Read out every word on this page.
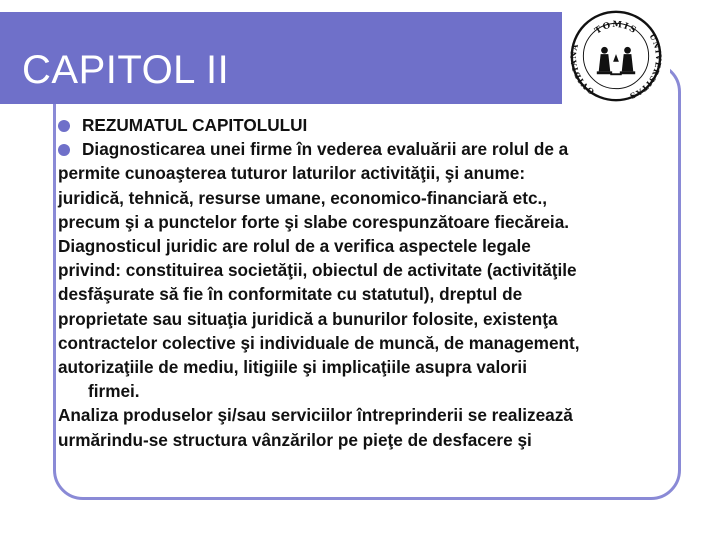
CAPITOL II
TOMIS
OVIDIANA
UNIVERSITAS
REZUMATUL CAPITOLULUI
Diagnosticarea unei firme în vederea evaluării are rolul de a
permite cunoaşterea tuturor laturilor activităţii, şi anume:
juridică, tehnică, resurse umane, economico-financiară etc.,
precum şi a punctelor forte şi slabe corespunzătoare fiecăreia.
Diagnosticul juridic are rolul de a verifica aspectele legale
privind: constituirea societăţii, obiectul de activitate (activităţile
desfăşurate să fie în conformitate cu statutul), dreptul de
proprietate sau situaţia juridică a bunurilor folosite, existenţa
contractelor colective şi individuale de muncă, de management,
autorizaţiile de mediu, litigiile şi implicaţiile asupra valorii
firmei.
Analiza produselor şi/sau serviciilor întreprinderii se realizează
urmărindu-se structura vânzărilor pe pieţe de desfacere şi
